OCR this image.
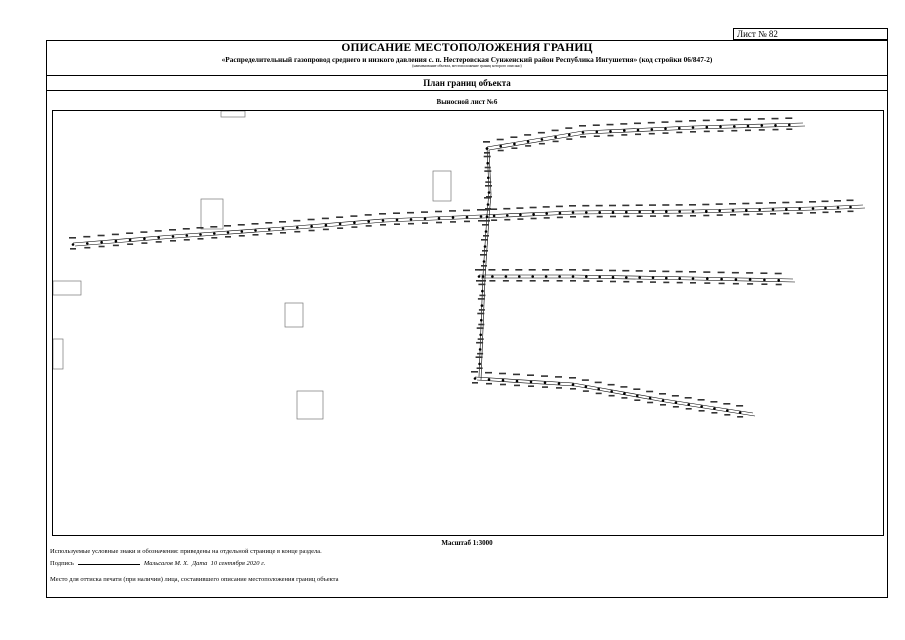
Лист № 82
ОПИСАНИЕ МЕСТОПОЛОЖЕНИЯ ГРАНИЦ
«Распределительный газопровод среднего и низкого давления с. п. Нестеровская Сунженский район Республика Ингушетия» (код стройки 06/847-2)
(наименование объекта, местоположение границ которого описано)
План границ объекта
Выносной лист №6
Масштаб 1:3000
Используемые условные знаки и обозначения: приведены на отдельной странице в конце раздела.
Подпись	Мальсагов М. Х. Дата 10 сентября 2020 г.
Место для оттиска печати (при наличии) лица, составившего описание местоположения границ объекта
